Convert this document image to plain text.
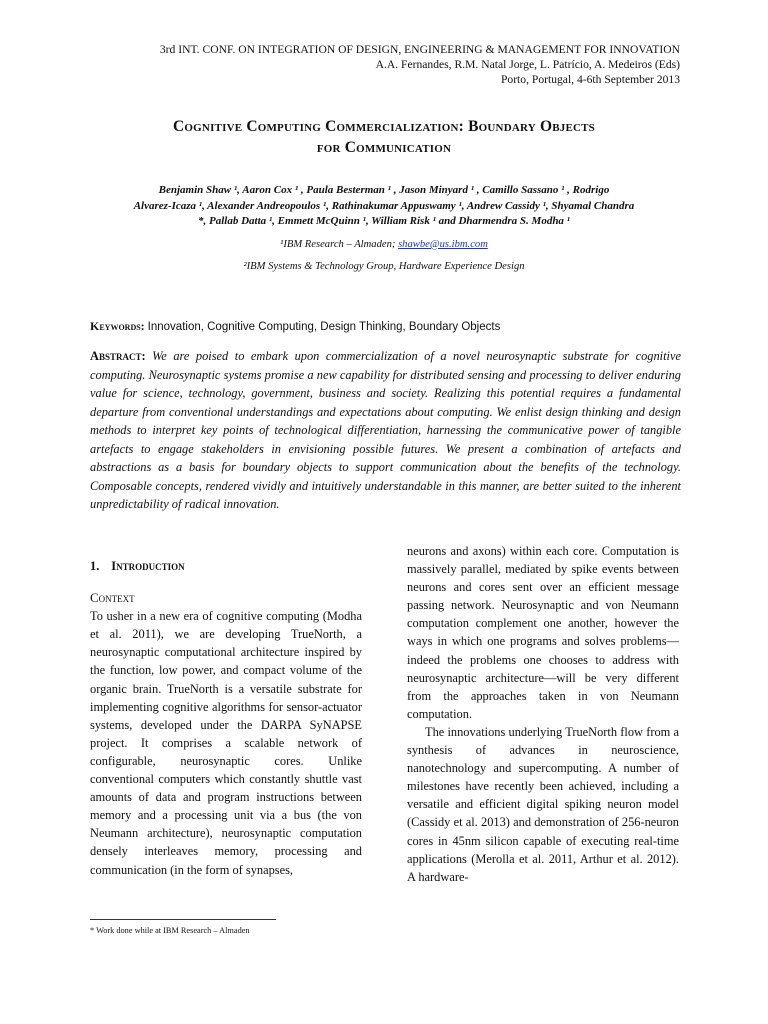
3rd INT. CONF. ON INTEGRATION OF DESIGN, ENGINEERING & MANAGEMENT FOR INNOVATION
A.A. Fernandes, R.M. Natal Jorge, L. Patrício, A. Medeiros (Eds)
Porto, Portugal, 4-6th September 2013
Cognitive Computing Commercialization: Boundary Objects
for Communication
Benjamin Shaw ¹, Aaron Cox ¹ , Paula Besterman ¹ , Jason Minyard ¹ , Camillo Sassano ¹ , Rodrigo
Alvarez-Icaza ¹, Alexander Andreopoulos ¹, Rathinakumar Appuswamy ¹, Andrew Cassidy ¹, Shyamal Chandra
*, Pallab Datta ¹, Emmett McQuinn ¹, William Risk ¹ and Dharmendra S. Modha ¹
¹IBM Research – Almaden; shawbe@us.ibm.com
²IBM Systems & Technology Group, Hardware Experience Design
Keywords: Innovation, Cognitive Computing, Design Thinking, Boundary Objects
Abstract: We are poised to embark upon commercialization of a novel neurosynaptic substrate for cognitive computing. Neurosynaptic systems promise a new capability for distributed sensing and processing to deliver enduring value for science, technology, government, business and society. Realizing this potential requires a fundamental departure from conventional understandings and expectations about computing. We enlist design thinking and design methods to interpret key points of technological differentiation, harnessing the communicative power of tangible artefacts to engage stakeholders in envisioning possible futures. We present a combination of artefacts and abstractions as a basis for boundary objects to support communication about the benefits of the technology. Composable concepts, rendered vividly and intuitively understandable in this manner, are better suited to the inherent unpredictability of radical innovation.
1. Introduction
Context

To usher in a new era of cognitive computing (Modha et al. 2011), we are developing TrueNorth, a neurosynaptic computational architecture inspired by the function, low power, and compact volume of the organic brain. TrueNorth is a versatile substrate for implementing cognitive algorithms for sensor-actuator systems, developed under the DARPA SyNAPSE project. It comprises a scalable network of configurable, neurosynaptic cores. Unlike conventional computers which constantly shuttle vast amounts of data and program instructions between memory and a processing unit via a bus (the von Neumann architecture), neurosynaptic computation densely interleaves memory, processing and communication (in the form of synapses,

neurons and axons) within each core. Computation is massively parallel, mediated by spike events between neurons and cores sent over an efficient message passing network. Neurosynaptic and von Neumann computation complement one another, however the ways in which one programs and solves problems—indeed the problems one chooses to address with neurosynaptic architecture—will be very different from the approaches taken in von Neumann computation.

The innovations underlying TrueNorth flow from a synthesis of advances in neuroscience, nanotechnology and supercomputing. A number of milestones have recently been achieved, including a versatile and efficient digital spiking neuron model (Cassidy et al. 2013) and demonstration of 256-neuron cores in 45nm silicon capable of executing real-time applications (Merolla et al. 2011, Arthur et al. 2012). A hardware-

* Work done while at IBM Research – Almaden
